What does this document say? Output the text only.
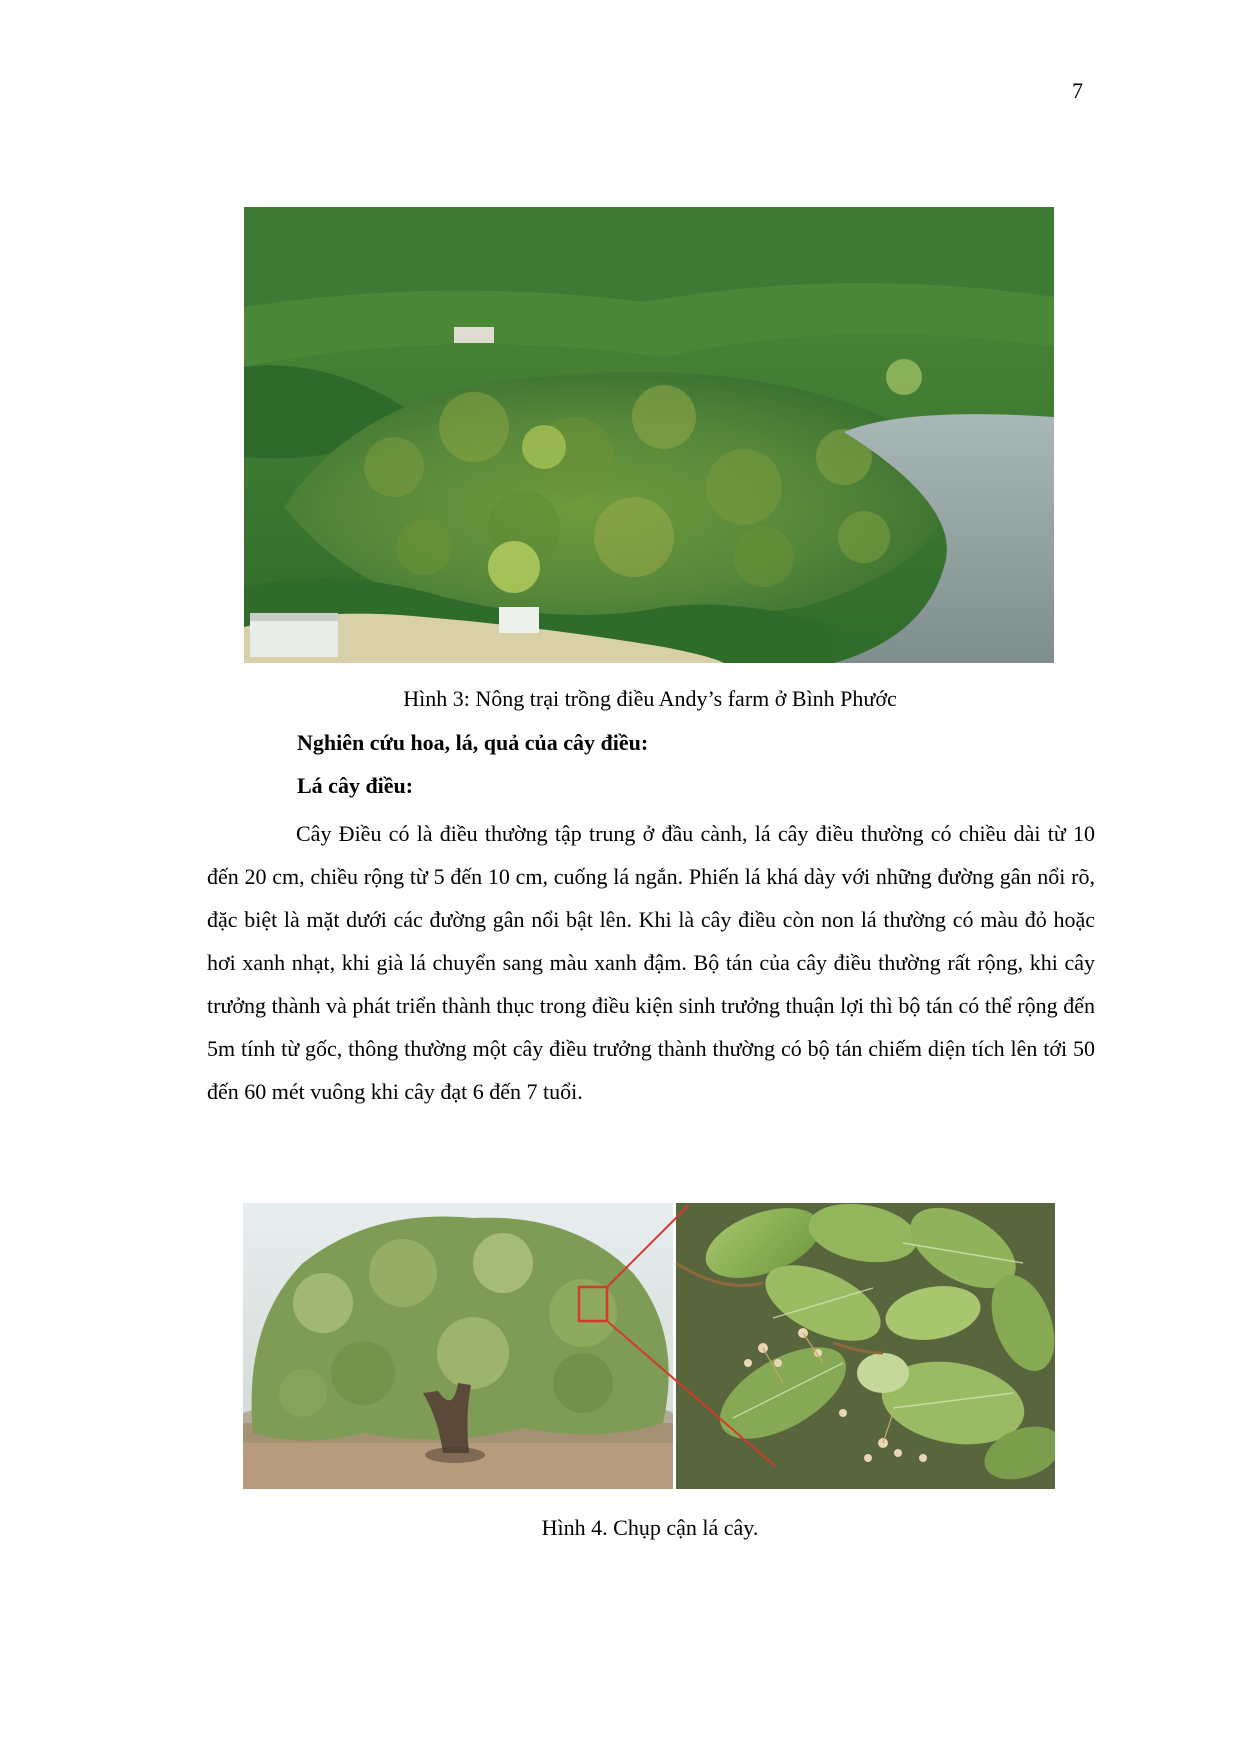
7
Hình 3: Nông trại trồng điều Andy’s farm ở Bình Phước
Nghiên cứu hoa, lá, quả của cây điều:
Lá cây điều:

Cây Điều có là điều thường tập trung ở đầu cành, lá cây điều thường có chiều dài từ 10 đến 20 cm, chiều rộng từ 5 đến 10 cm, cuống lá ngắn. Phiến lá khá dày với những đường gân nổi rõ, đặc biệt là mặt dưới các đường gân nổi bật lên. Khi là cây điều còn non lá thường có màu đỏ hoặc hơi xanh nhạt, khi già lá chuyển sang màu xanh đậm. Bộ tán của cây điều thường rất rộng, khi cây trưởng thành và phát triển thành thục trong điều kiện sinh trưởng thuận lợi thì bộ tán có thể rộng đến 5m tính từ gốc, thông thường một cây điều trưởng thành thường có bộ tán chiếm diện tích lên tới 50 đến 60 mét vuông khi cây đạt 6 đến 7 tuổi.

Hình 4. Chụp cận lá cây.
